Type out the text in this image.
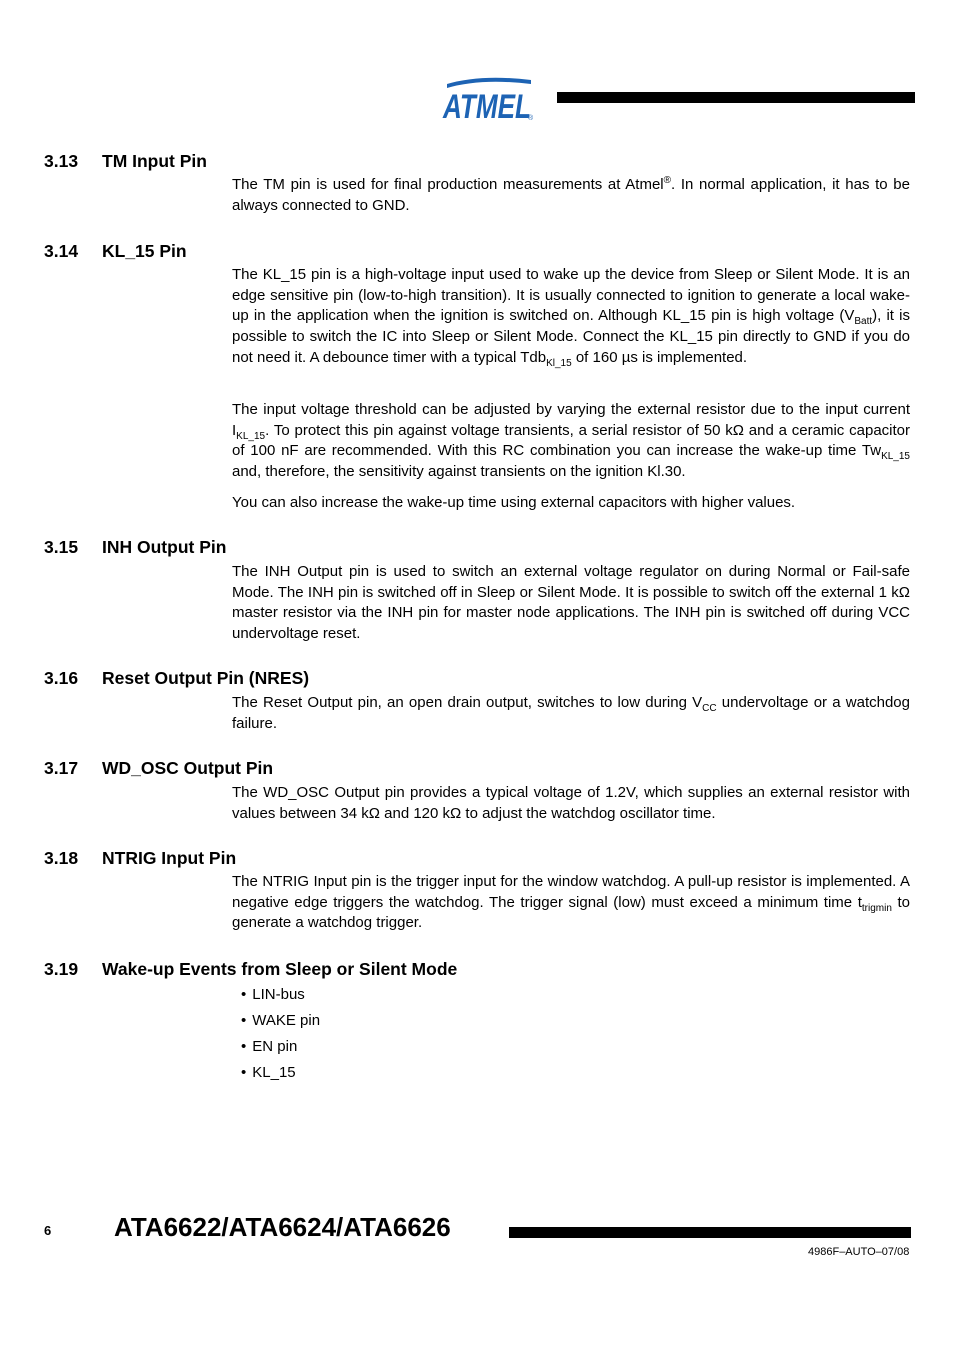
ATMEL
®
3.13 TM Input Pin

The TM pin is used for final production measurements at Atmel®. In normal application, it has to be always connected to GND.

3.14 KL_15 Pin

The KL_15 pin is a high-voltage input used to wake up the device from Sleep or Silent Mode. It is an edge sensitive pin (low-to-high transition). It is usually connected to ignition to generate a local wake-up in the application when the ignition is switched on. Although KL_15 pin is high voltage $(V_{Batt})$, it is possible to switch the IC into Sleep or Silent Mode. Connect the KL_15 pin directly to GND if you do not need it. A debounce timer with a typical Tdb$_{Kl\_15}$ of 160 µs is implemented.

The input voltage threshold can be adjusted by varying the external resistor due to the input current $I_{KL\_15}$. To protect this pin against voltage transients, a serial resistor of 50 kΩ and a ceramic capacitor of 100 nF are recommended. With this RC combination you can increase the wake-up time $Tw_{KL\_15}$ and, therefore, the sensitivity against transients on the ignition Kl.30.

You can also increase the wake-up time using external capacitors with higher values.

3.15 INH Output Pin

The INH Output pin is used to switch an external voltage regulator on during Normal or Fail-safe Mode. The INH pin is switched off in Sleep or Silent Mode. It is possible to switch off the external 1 kΩ master resistor via the INH pin for master node applications. The INH pin is switched off during VCC undervoltage reset.

3.16 Reset Output Pin (NRES)

The Reset Output pin, an open drain output, switches to low during $V_{CC}$ undervoltage or a watchdog failure.

3.17 WD_OSC Output Pin

The WD_OSC Output pin provides a typical voltage of 1.2V, which supplies an external resistor with values between 34 kΩ and 120 kΩ to adjust the watchdog oscillator time.

3.18 NTRIG Input Pin

The NTRIG Input pin is the trigger input for the window watchdog. A pull-up resistor is implemented. A negative edge triggers the watchdog. The trigger signal (low) must exceed a minimum time $t_{trigmin}$ to generate a watchdog trigger.

3.19 Wake-up Events from Sleep or Silent Mode
• LIN-bus
• WAKE pin
• EN pin
• KL_15
6 ATA6622/ATA6624/ATA6626
4986F–AUTO–07/08
